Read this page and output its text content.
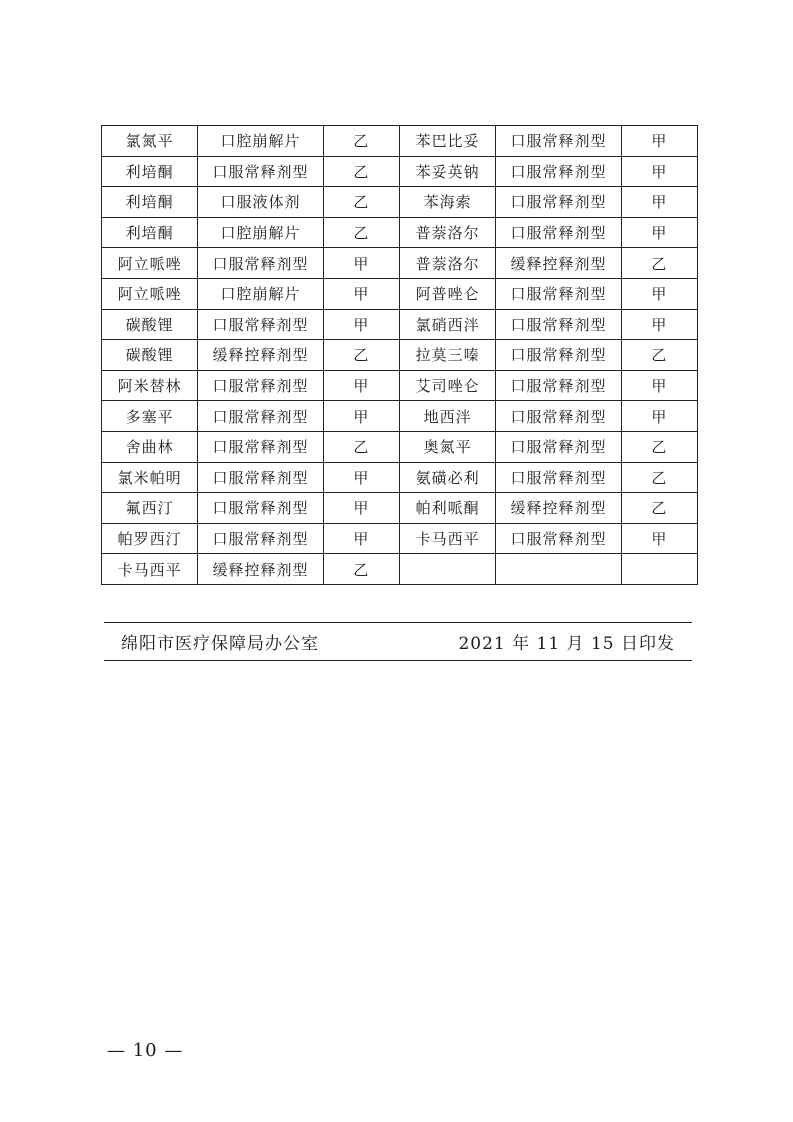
氯氮平	口腔崩解片	乙	苯巴比妥	口服常释剂型	甲
利培酮	口服常释剂型	乙	苯妥英钠	口服常释剂型	甲
利培酮	口服液体剂	乙	苯海索	口服常释剂型	甲
利培酮	口腔崩解片	乙	普萘洛尔	口服常释剂型	甲
阿立哌唑	口服常释剂型	甲	普萘洛尔	缓释控释剂型	乙
阿立哌唑	口腔崩解片	甲	阿普唑仑	口服常释剂型	甲
碳酸锂	口服常释剂型	甲	氯硝西泮	口服常释剂型	甲
碳酸锂	缓释控释剂型	乙	拉莫三嗪	口服常释剂型	乙
阿米替林	口服常释剂型	甲	艾司唑仑	口服常释剂型	甲
多塞平	口服常释剂型	甲	地西泮	口服常释剂型	甲
舍曲林	口服常释剂型	乙	奥氮平	口服常释剂型	乙
氯米帕明	口服常释剂型	甲	氨磺必利	口服常释剂型	乙
氟西汀	口服常释剂型	甲	帕利哌酮	缓释控释剂型	乙
帕罗西汀	口服常释剂型	甲	卡马西平	口服常释剂型	甲
卡马西平	缓释控释剂型	乙			
绵阳市医疗保障局办公室	2021 年 11 月 15 日印发
— 10 —
